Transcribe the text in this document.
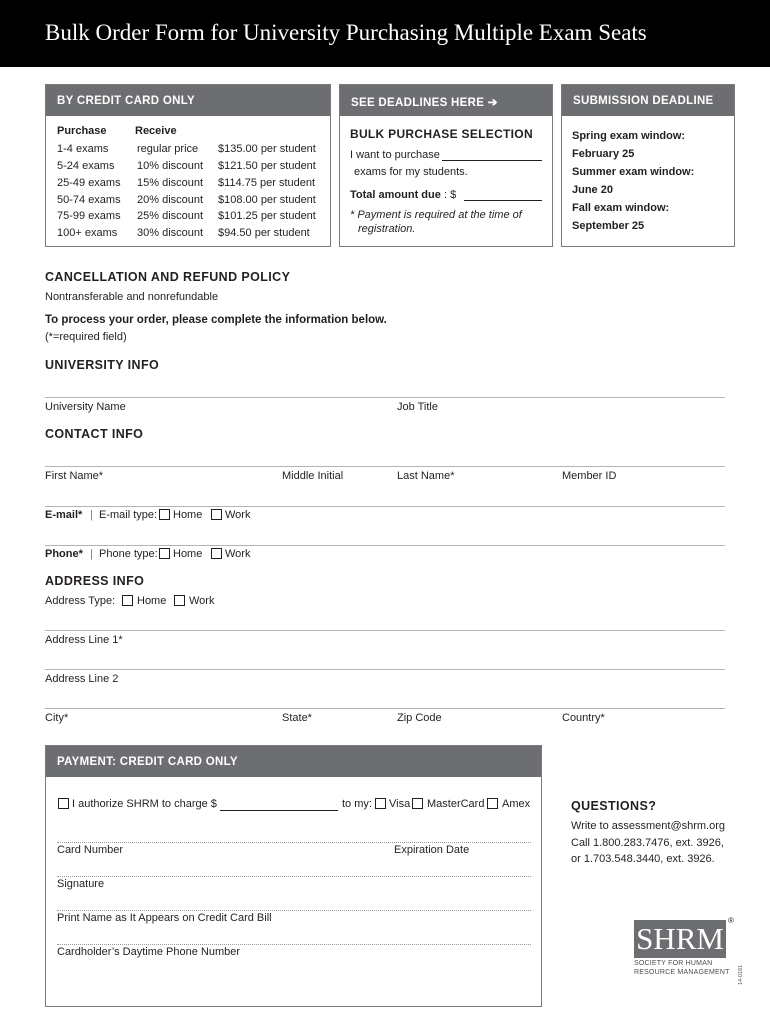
Bulk Order Form for University Purchasing Multiple Exam Seats
BY CREDIT CARD ONLY
Purchase	Receive
1-4 exams	regular price $135.00 per student
5-24 exams 10% discount $121.50 per student
25-49 exams 15% discount $114.75 per student
50-74 exams 20% discount $108.00 per student
75-99 exams 25% discount $101.25 per student
100+ exams 30% discount $94.50 per student
SEE DEADLINES HERE ➔
BULK PURCHASE SELECTION
I want to purchase
exams for my students.
Total amount due : $
* Payment is required at the time of
registration.
SUBMISSION DEADLINE
Spring exam window:
February 25
Summer exam window:
June 20
Fall exam window:
September 25
CANCELLATION AND REFUND POLICY
Nontransferable and nonrefundable
To process your order, please complete the information below.
(*=required field)
UNIVERSITY INFO
University Name	Job Title
CONTACT INFO
First Name*	Middle Initial	Last Name*	Member ID
E-mail* | E-mail type: Home Work
Phone* | Phone type: Home Work
ADDRESS INFO
Address Type: Home Work
Address Line 1*
Address Line 2
City*	State*	Zip Code	Country*
PAYMENT: CREDIT CARD ONLY
I authorize SHRM to charge $	to my: Visa MasterCard Amex
Card Number	Expiration Date
Signature
Print Name as It Appears on Credit Card Bill
Cardholder’s Daytime Phone Number
QUESTIONS?
Write to assessment@shrm.org
Call 1.800.283.7476, ext. 3926,
or 1.703.548.3440, ext. 3926.
SHRM
®
SOCIETY FOR HUMAN
RESOURCE MANAGEMENT 14-0161
